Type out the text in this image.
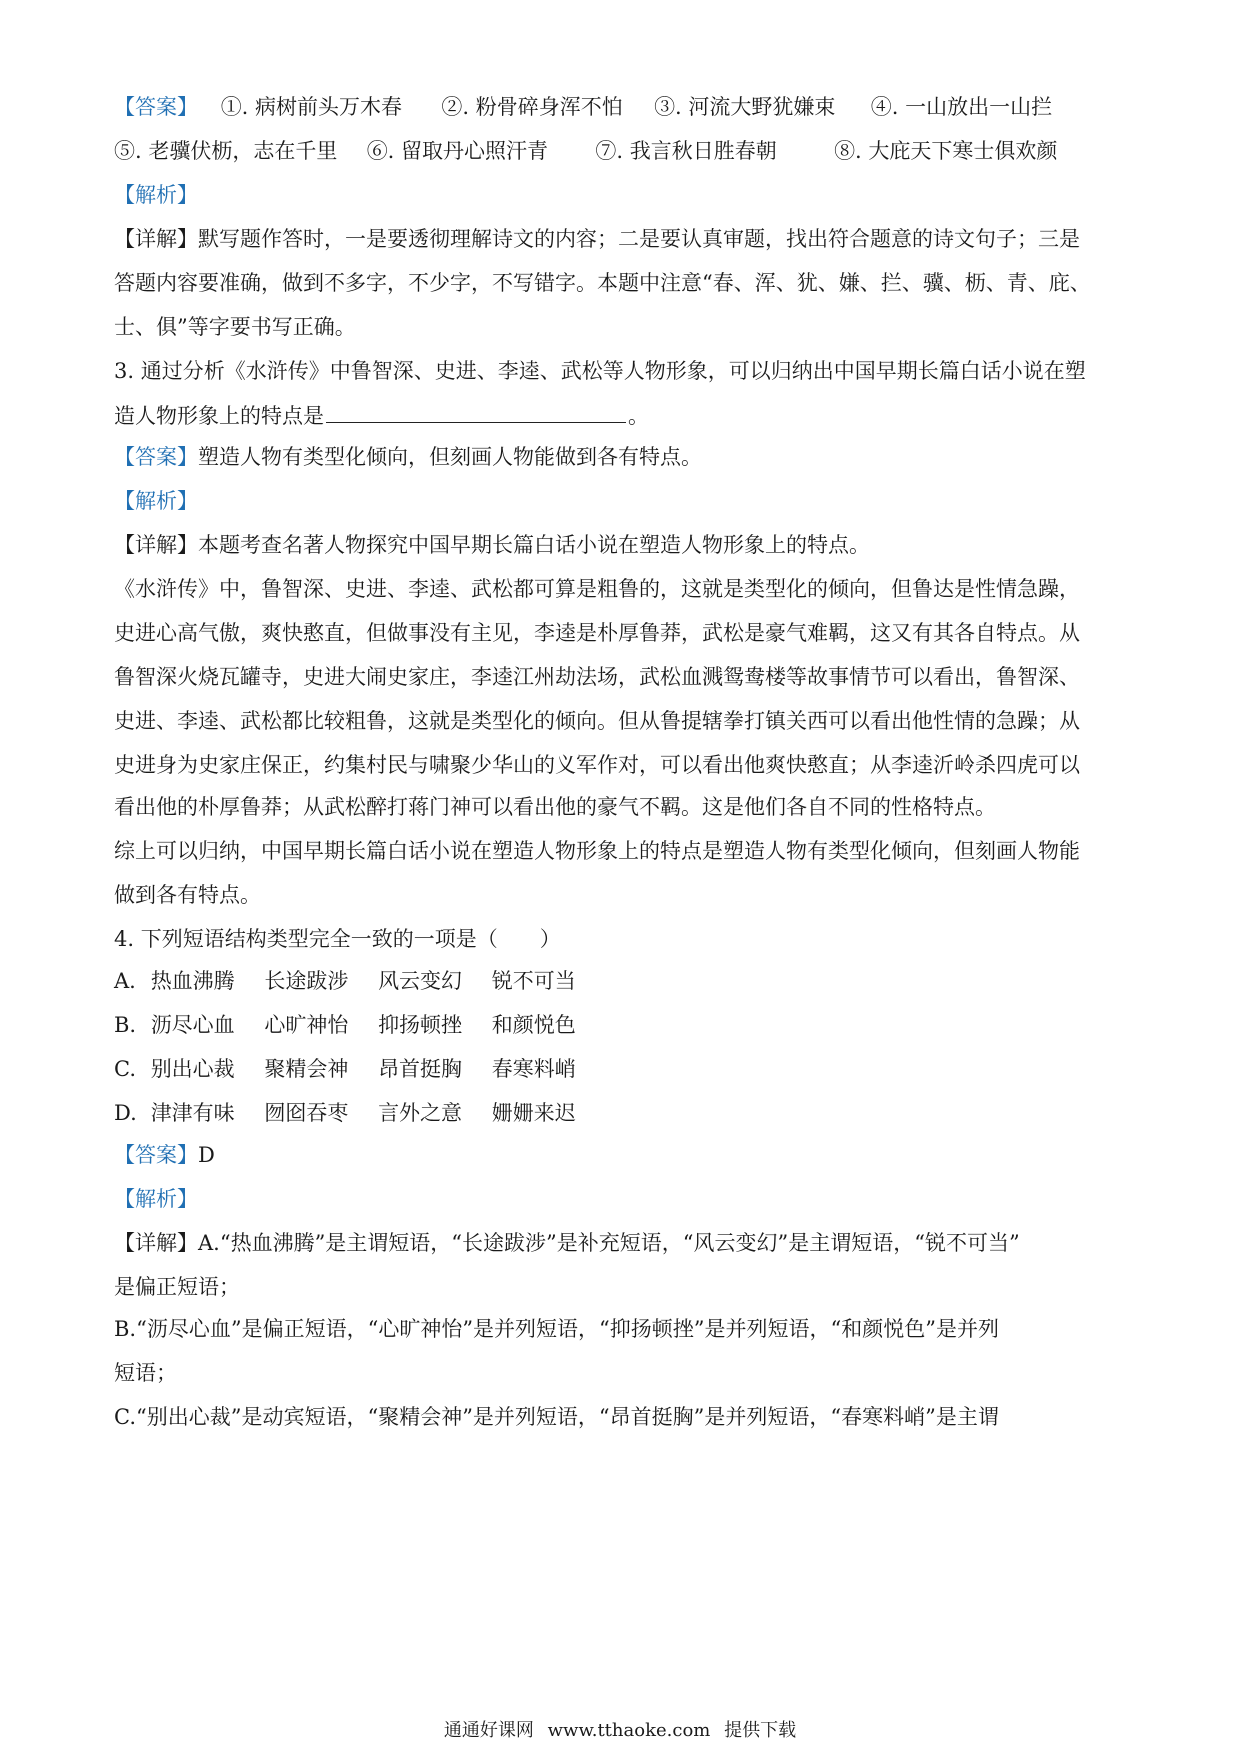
【答案】 ①. 病树前头万木春 ②. 粉骨碎身浑不怕 ③. 河流大野犹嫌束 ④. 一山放出一山拦
⑤. 老骥伏枥，志在千里 ⑥. 留取丹心照汗青 ⑦. 我言秋日胜春朝	⑧. 大庇天下寒士俱欢颜
【解析】
【详解】默写题作答时，一是要透彻理解诗文的内容；二是要认真审题，找出符合题意的诗文句子；三是
答题内容要准确，做到不多字，不少字，不写错字。本题中注意“春、浑、犹、嫌、拦、骥、枥、青、庇、
士、俱”等字要书写正确。
3. 通过分析《水浒传》中鲁智深、史进、李逵、武松等人物形象，可以归纳出中国早期长篇白话小说在塑
造人物形象上的特点是	。
【答案】塑造人物有类型化倾向，但刻画人物能做到各有特点。
【解析】
【详解】本题考查名著人物探究中国早期长篇白话小说在塑造人物形象上的特点。
《水浒传》中，鲁智深、史进、李逵、武松都可算是粗鲁的，这就是类型化的倾向，但鲁达是性情急躁，
史进心高气傲，爽快憨直，但做事没有主见，李逵是朴厚鲁莽，武松是豪气难羁，这又有其各自特点。从
鲁智深火烧瓦罐寺，史进大闹史家庄，李逵江州劫法场，武松血溅鸳鸯楼等故事情节可以看出，鲁智深、
史进、李逵、武松都比较粗鲁，这就是类型化的倾向。但从鲁提辖拳打镇关西可以看出他性情的急躁；从
史进身为史家庄保正，约集村民与啸聚少华山的义军作对，可以看出他爽快憨直；从李逵沂岭杀四虎可以
看出他的朴厚鲁莽；从武松醉打蒋门神可以看出他的豪气不羁。这是他们各自不同的性格特点。
综上可以归纳，中国早期长篇白话小说在塑造人物形象上的特点是塑造人物有类型化倾向，但刻画人物能
做到各有特点。
4. 下列短语结构类型完全一致的一项是（　　）
A. 热血沸腾 长途跋涉 风云变幻 锐不可当
B. 沥尽心血 心旷神怡 抑扬顿挫 和颜悦色
C. 别出心裁 聚精会神 昂首挺胸 春寒料峭
D. 津津有味 囫囵吞枣 言外之意 姗姗来迟
【答案】D
【解析】
【详解】A.“热血沸腾”是主谓短语，“长途跋涉”是补充短语，“风云变幻”是主谓短语，“锐不可当”
是偏正短语；
B.“沥尽心血”是偏正短语，“心旷神怡”是并列短语，“抑扬顿挫”是并列短语，“和颜悦色”是并列
短语；
C.“别出心裁”是动宾短语，“聚精会神”是并列短语，“昂首挺胸”是并列短语，“春寒料峭”是主谓
通通好课网 www.tthaoke.com 提供下载
